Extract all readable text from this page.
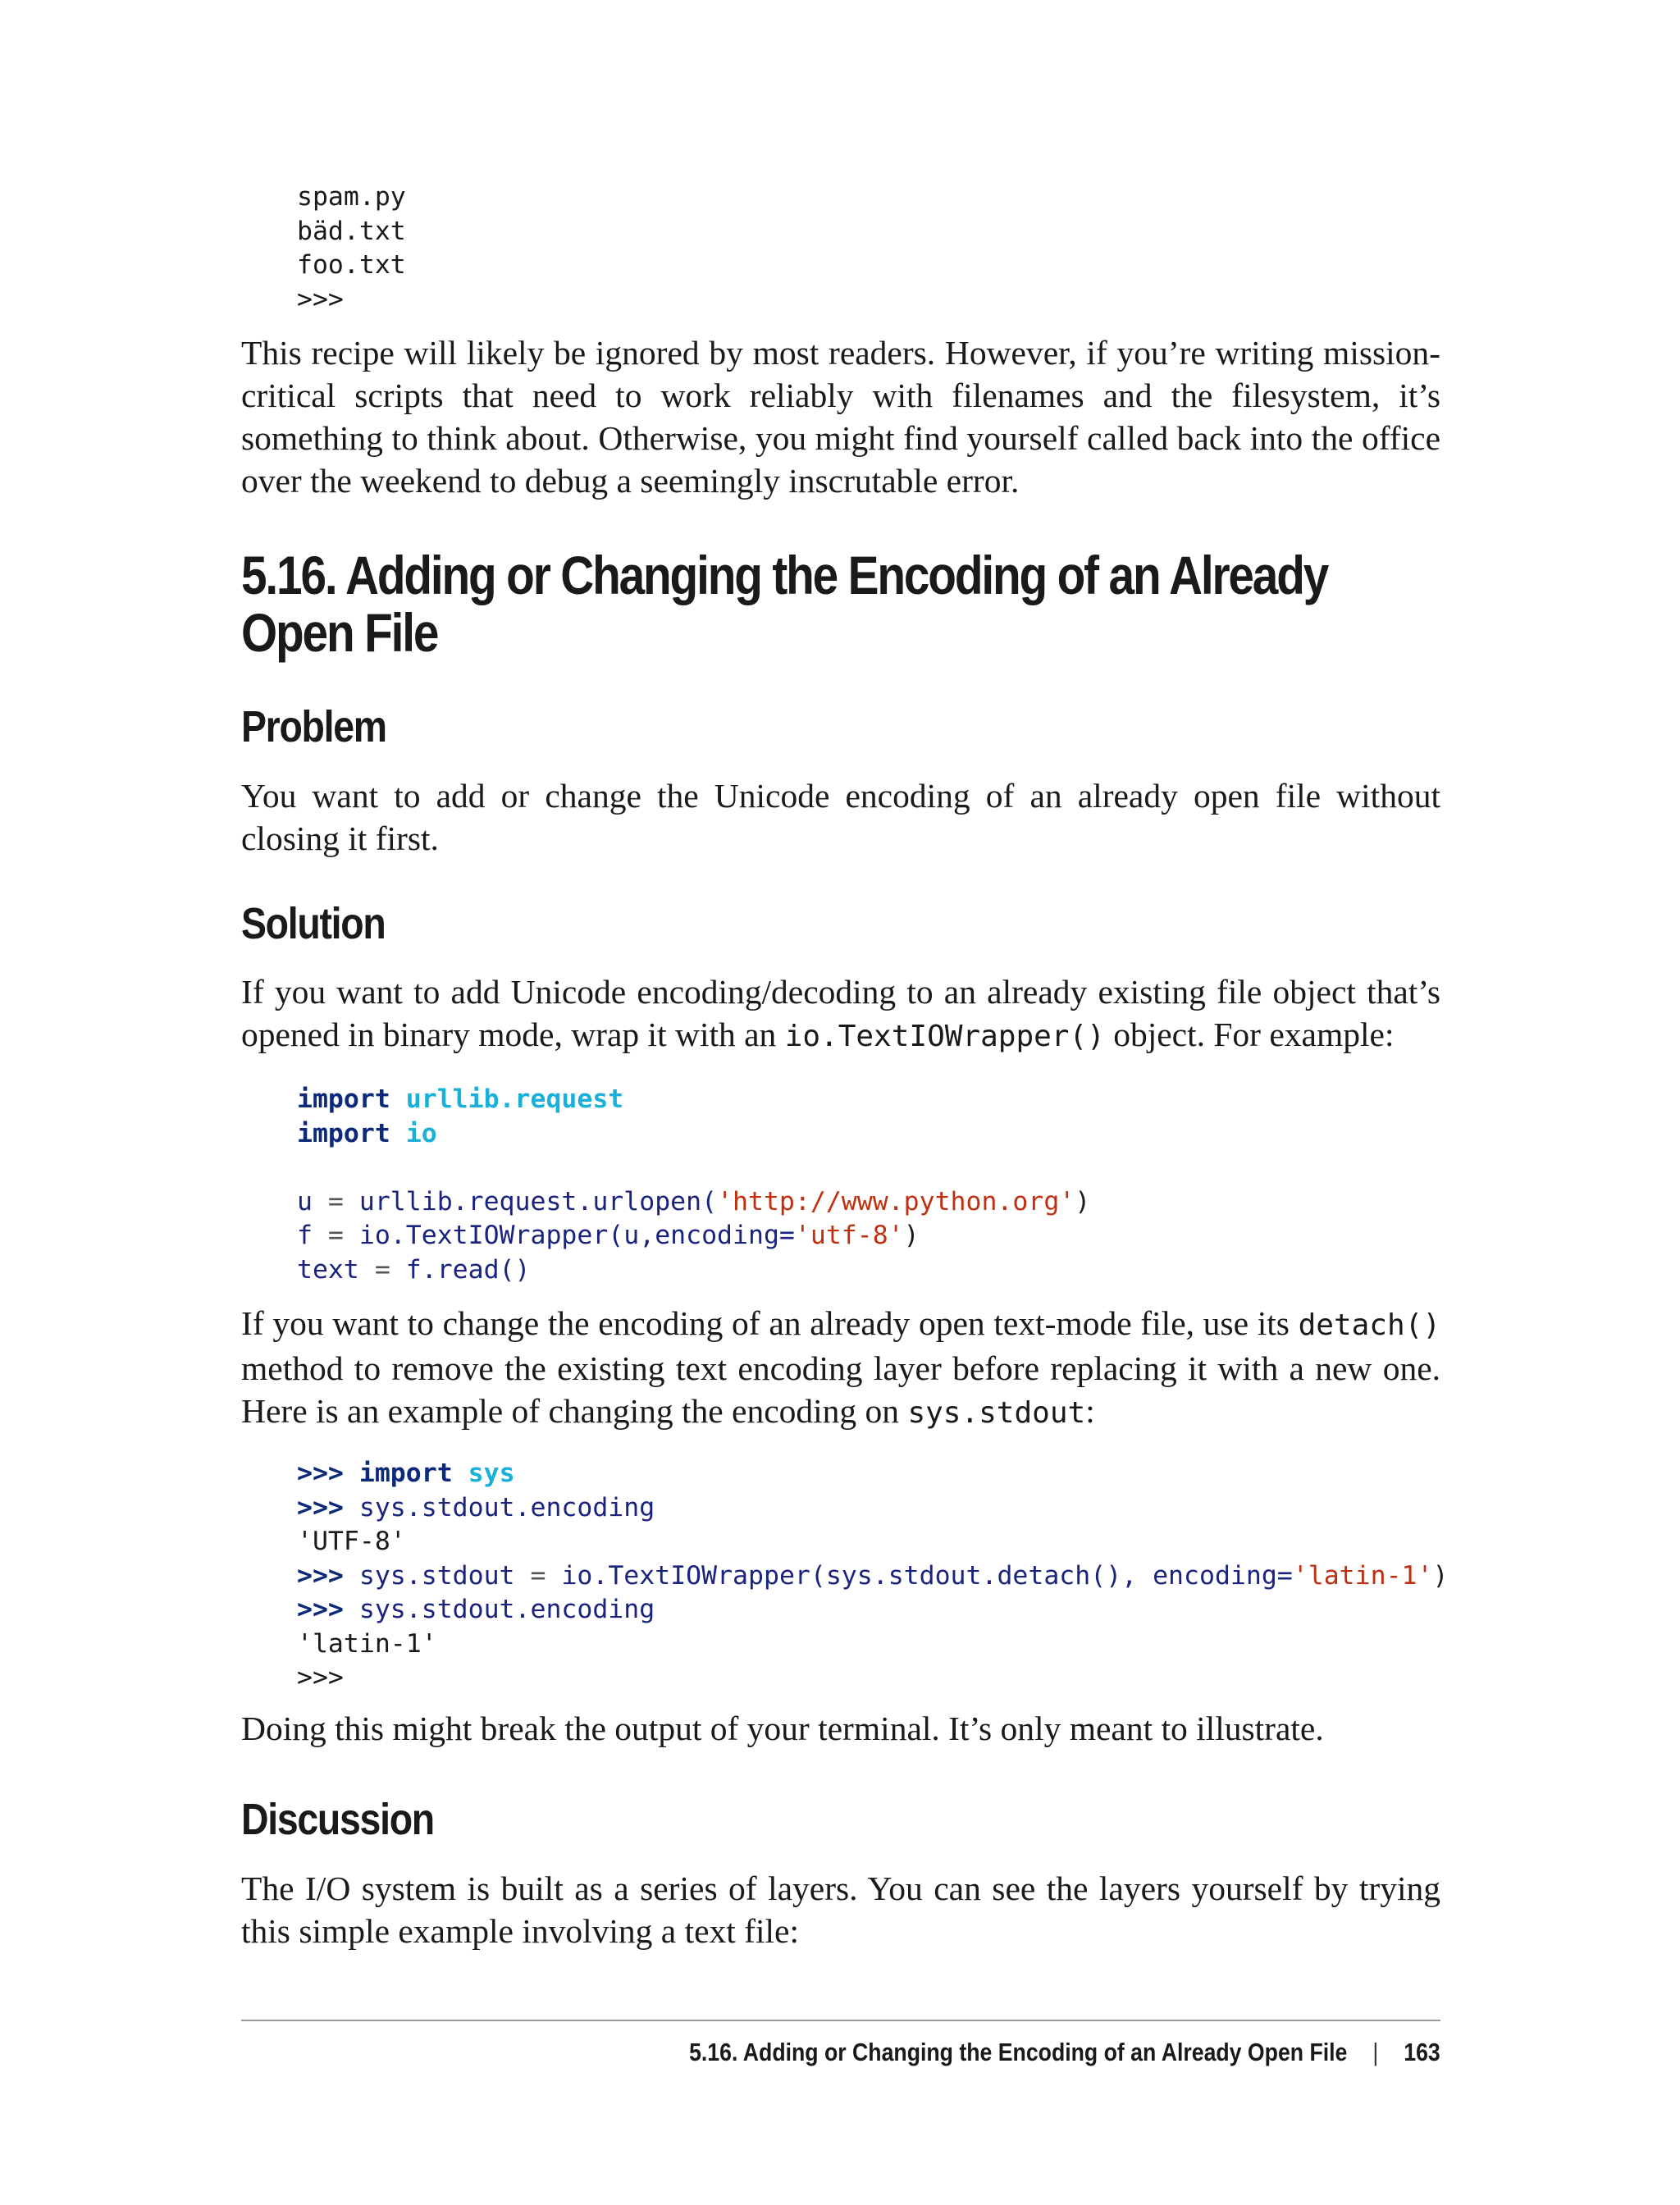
spam.py
bäd.txt
foo.txt
>>>

This recipe will likely be ignored by most readers. However, if you’re writing mission-critical scripts that need to work reliably with filenames and the filesystem, it’s something to think about. Otherwise, you might find yourself called back into the office over the weekend to debug a seemingly inscrutable error.

5.16. Adding or Changing the Encoding of an Already
Open File
Problem

You want to add or change the Unicode encoding of an already open file without closing it first.

Solution

If you want to add Unicode encoding/decoding to an already existing file object that’s opened in binary mode, wrap it with an io.TextIOWrapper() object. For example:

import urllib.request
import io
u = urllib.request.urlopen('http://www.python.org')
f = io.TextIOWrapper(u,encoding='utf-8')
text = f.read()

If you want to change the encoding of an already open text-mode file, use its detach() method to remove the existing text encoding layer before replacing it with a new one. Here is an example of changing the encoding on sys.stdout:

>>> import sys
>>> sys.stdout.encoding
'UTF-8'
>>> sys.stdout = io.TextIOWrapper(sys.stdout.detach(), encoding='latin-1')
>>> sys.stdout.encoding
'latin-1'
>>>

Doing this might break the output of your terminal. It’s only meant to illustrate.

Discussion

The I/O system is built as a series of layers. You can see the layers yourself by trying this simple example involving a text file:

5.16. Adding or Changing the Encoding of an Already Open File | 163
